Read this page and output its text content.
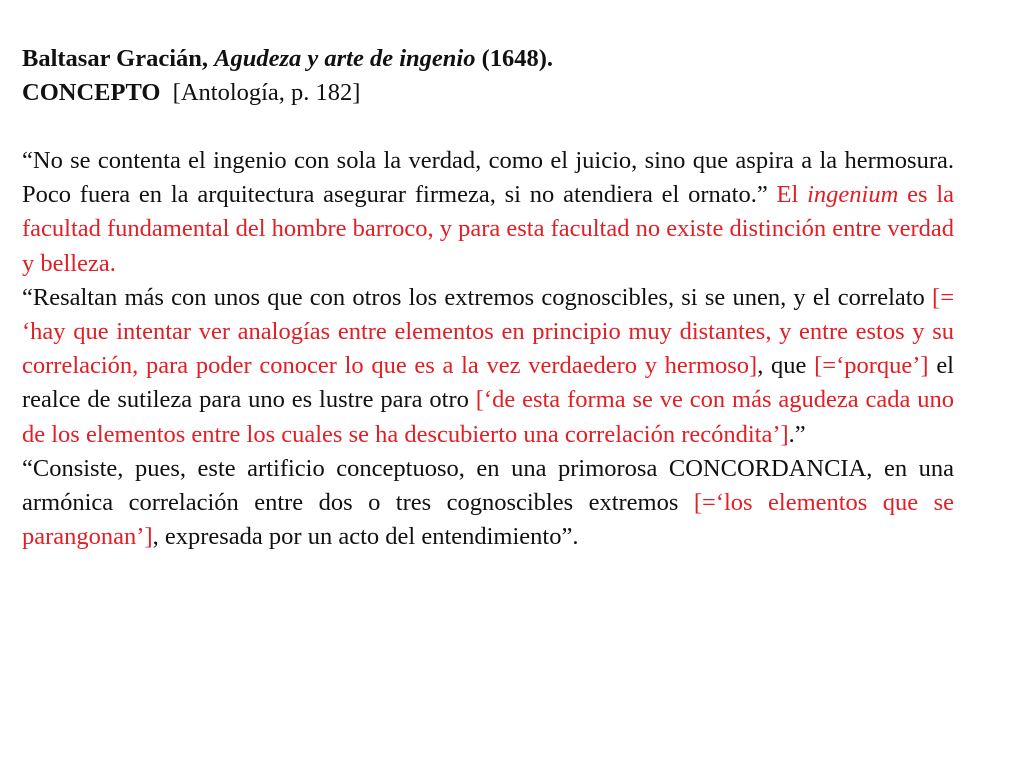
Baltasar Gracián, Agudeza y arte de ingenio (1648).

CONCEPTO [Antología, p. 182]

“No se contenta el ingenio con sola la verdad, como el juicio, sino que aspira a la hermosura. Poco fuera en la arquitectura asegurar firmeza, si no atendiera el ornato.” El ingenium es la facultad fundamental del hombre barroco, y para esta facultad no existe distinción entre verdad y belleza.

“Resaltan más con unos que con otros los extremos cognoscibles, si se unen, y el correlato [= ‘hay que intentar ver analogías entre elementos en principio muy distantes, y entre estos y su correlación, para poder conocer lo que es a la vez verdaedero y hermoso], que [=‘porque’] el realce de sutileza para uno es lustre para otro [‘de esta forma se ve con más agudeza cada uno de los elementos entre los cuales se ha descubierto una correlación recóndita’].”

“Consiste, pues, este artificio conceptuoso, en una primorosa CONCORDANCIA, en una armónica correlación entre dos o tres cognoscibles extremos [=‘los elementos que se parangonan’], expresada por un acto del entendimiento”.
